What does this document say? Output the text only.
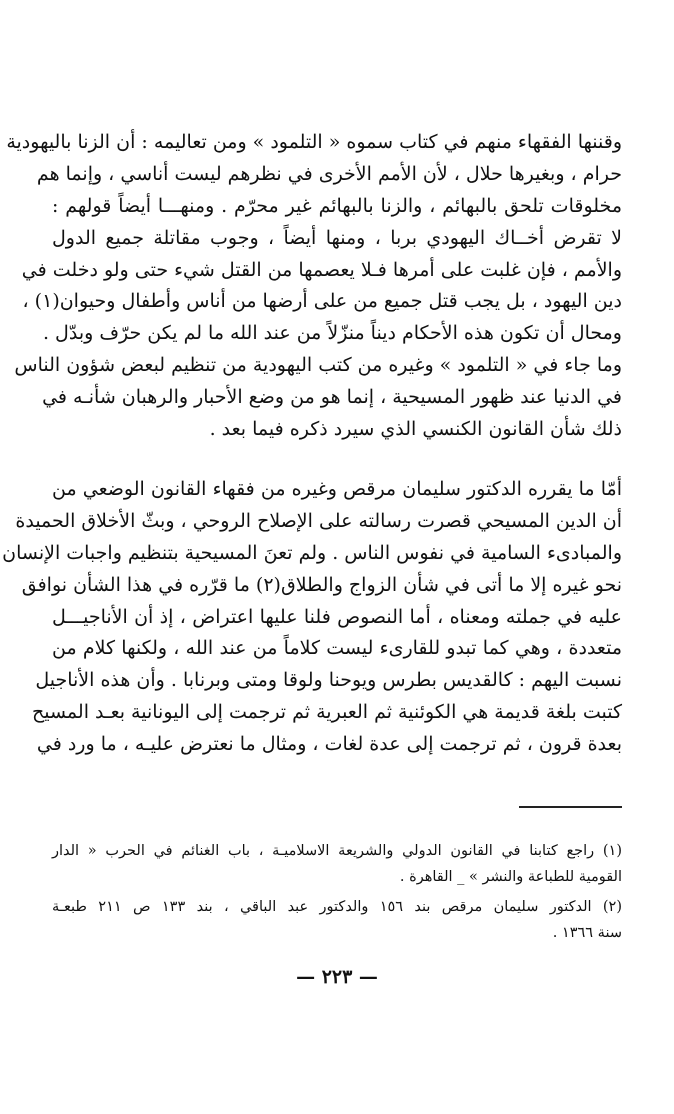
وقننها الفقهاء منهم في كتاب سموه « التلمود » ومن تعاليمه : أن الزنا باليهودية
حرام ، وبغيرها حلال ، لأن الأمم الأخرى في نظرهم ليست أناسي ، وإنما هم
مخلوقات تلحق بالبهائم ، والزنا بالبهائم غير محرّم . ومنهـــا أيضاً قولهم :
لا تقرض أخــاك اليهودي بربا ، ومنها أيضاً ، وجوب مقاتلة جميع الدول
والأمم ، فإن غلبت على أمرها فـلا يعصمها من القتل شيء حتى ولو دخلت في
دين اليهود ، بل يجب قتل جميع من على أرضها من أناس وأطفال وحيوان(١) ،
ومحال أن تكون هذه الأحكام ديناً منزّلاً من عند الله ما لم يكن حرّف وبدّل .
وما جاء في « التلمود » وغيره من كتب اليهودية من تنظيم لبعض شؤون الناس
في الدنيا عند ظهور المسيحية ، إنما هو من وضع الأحبار والرهبان شأنـه في
ذلك شأن القانون الكنسي الذي سيرد ذكره فيما بعد .
أمّا ما يقرره الدكتور سليمان مرقص وغيره من فقهاء القانون الوضعي من
أن الدين المسيحي قصرت رسالته على الإصلاح الروحي ، وبثّ الأخلاق الحميدة
والمبادىء السامية في نفوس الناس . ولم تعنَ المسيحية بتنظيم واجبات الإنسان
نحو غيره إلا ما أتى في شأن الزواج والطلاق(٢) ما قرّره في هذا الشأن نوافق
عليه في جملته ومعناه ، أما النصوص فلنا عليها اعتراض ، إذ أن الأناجيـــل
متعددة ، وهي كما تبدو للقارىء ليست كلاماً من عند الله ، ولكنها كلام من
نسبت اليهم : كالقديس بطرس ويوحنا ولوقا ومتى وبرنابا . وأن هذه الأناجيل
كتبت بلغة قديمة هي الكوئنية ثم العبرية ثم ترجمت إلى اليونانية بعـد المسيح
بعدة قرون ، ثم ترجمت إلى عدة لغات ، ومثال ما نعترض عليـه ، ما ورد في
(١) راجع كتابنا في القانون الدولي والشريعة الاسلاميـة ، باب الغنائم في الحرب « الدار
القومية للطباعة والنشر » _ القاهرة .
(٢) الدكتور سليمان مرقص بند ١٥٦ والدكتور عبد الباقي ، بند ١٣٣ ص ٢١١ طبعـة
سنة ١٣٦٦ .
— ٢٢٣ —
